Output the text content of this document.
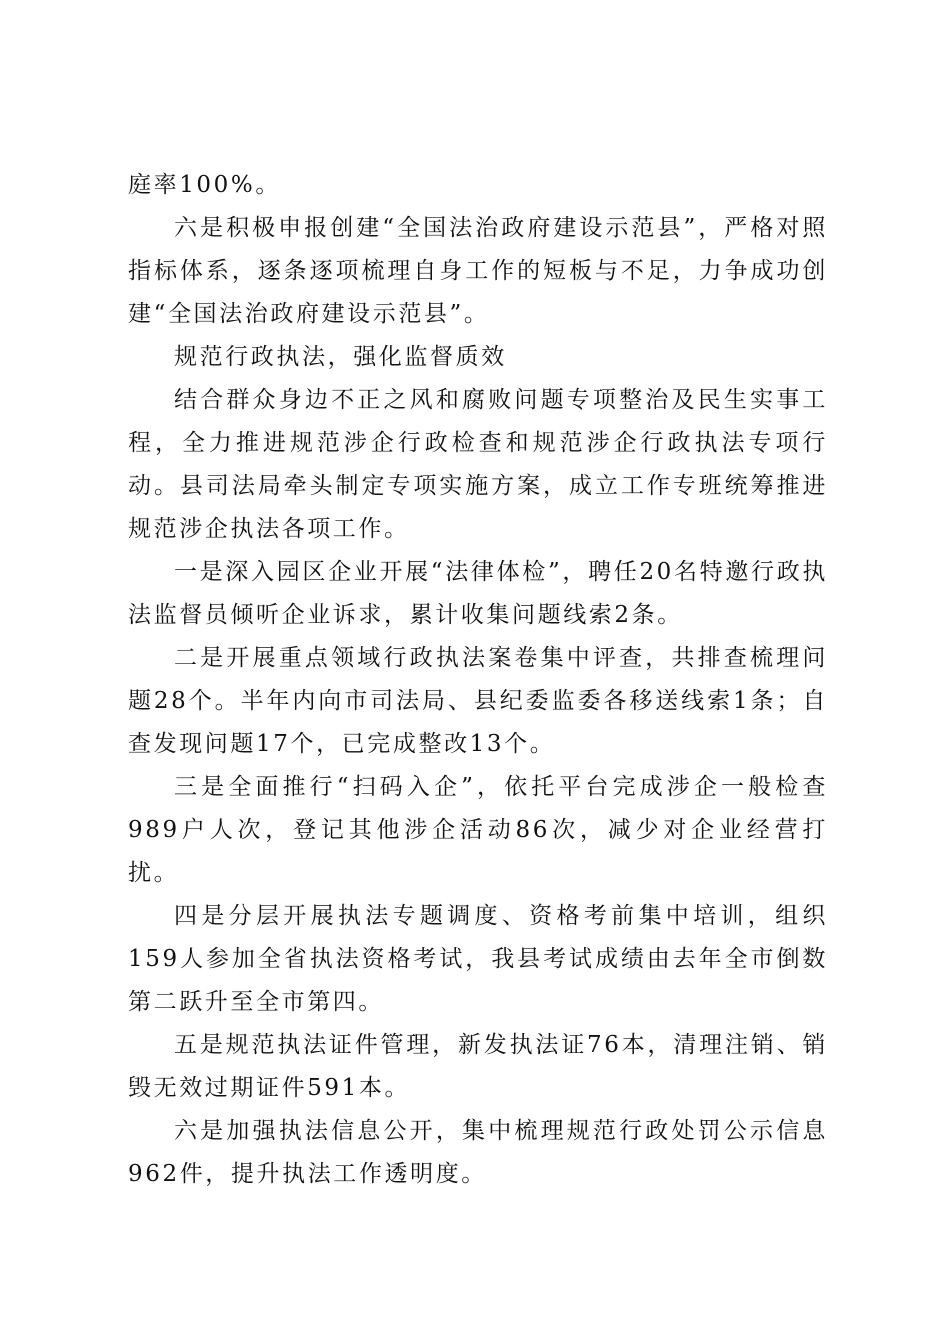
庭率100%。

六是积极申报创建“全国法治政府建设示范县”，严格对照指标体系，逐条逐项梳理自身工作的短板与不足，力争成功创建“全国法治政府建设示范县”。

规范行政执法，强化监督质效

结合群众身边不正之风和腐败问题专项整治及民生实事工程，全力推进规范涉企行政检查和规范涉企行政执法专项行动。县司法局牵头制定专项实施方案，成立工作专班统筹推进规范涉企执法各项工作。

一是深入园区企业开展“法律体检”，聘任20名特邀行政执法监督员倾听企业诉求，累计收集问题线索2条。

二是开展重点领域行政执法案卷集中评查，共排查梳理问题28个。半年内向市司法局、县纪委监委各移送线索1条；自查发现问题17个，已完成整改13个。

三是全面推行“扫码入企”，依托平台完成涉企一般检查989户人次，登记其他涉企活动86次，减少对企业经营打扰。

四是分层开展执法专题调度、资格考前集中培训，组织159人参加全省执法资格考试，我县考试成绩由去年全市倒数第二跃升至全市第四。

五是规范执法证件管理，新发执法证76本，清理注销、销毁无效过期证件591本。

六是加强执法信息公开，集中梳理规范行政处罚公示信息962件，提升执法工作透明度。
